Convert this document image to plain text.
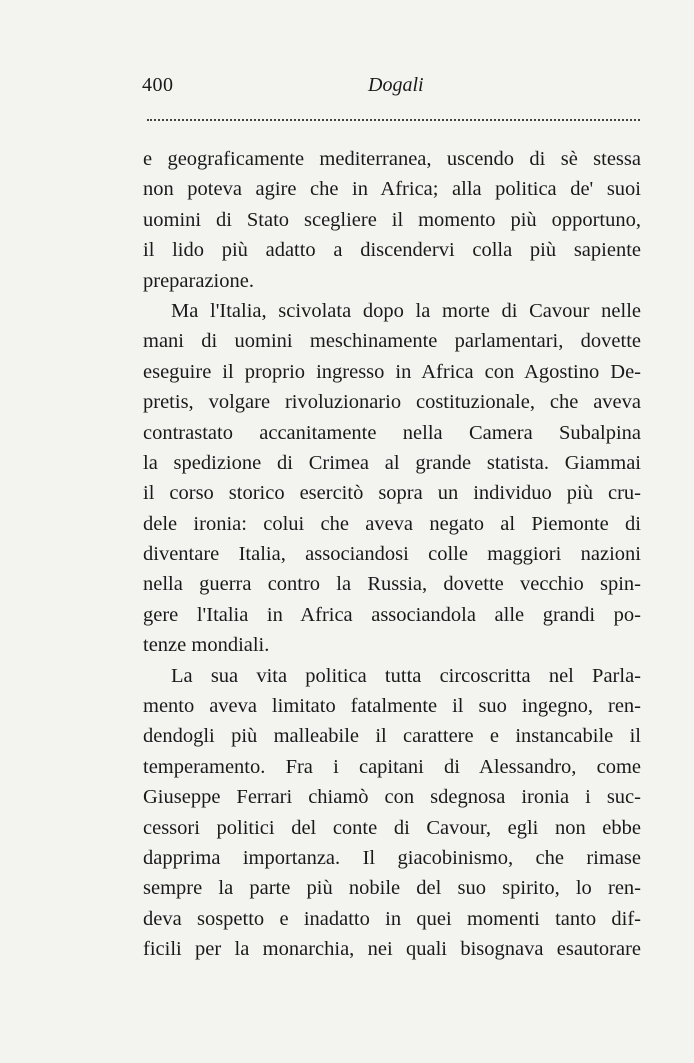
400	Dogali
e geograficamente mediterranea, uscendo di sè stessa
non poteva agire che in Africa; alla politica de' suoi
uomini di Stato scegliere il momento più opportuno,
il lido più adatto a discendervi colla più sapiente
preparazione.
Ma l'Italia, scivolata dopo la morte di Cavour nelle
mani di uomini meschinamente parlamentari, dovette
eseguire il proprio ingresso in Africa con Agostino De-
pretis, volgare rivoluzionario costituzionale, che aveva
contrastato accanitamente nella Camera Subalpina
la spedizione di Crimea al grande statista. Giammai
il corso storico esercitò sopra un individuo più cru-
dele ironia: colui che aveva negato al Piemonte di
diventare Italia, associandosi colle maggiori nazioni
nella guerra contro la Russia, dovette vecchio spin-
gere l'Italia in Africa associandola alle grandi po-
tenze mondiali.
La sua vita politica tutta circoscritta nel Parla-
mento aveva limitato fatalmente il suo ingegno, ren-
dendogli più malleabile il carattere e instancabile il
temperamento. Fra i capitani di Alessandro, come
Giuseppe Ferrari chiamò con sdegnosa ironia i suc-
cessori politici del conte di Cavour, egli non ebbe
dapprima importanza. Il giacobinismo, che rimase
sempre la parte più nobile del suo spirito, lo ren-
deva sospetto e inadatto in quei momenti tanto dif-
ficili per la monarchia, nei quali bisognava esautorare
